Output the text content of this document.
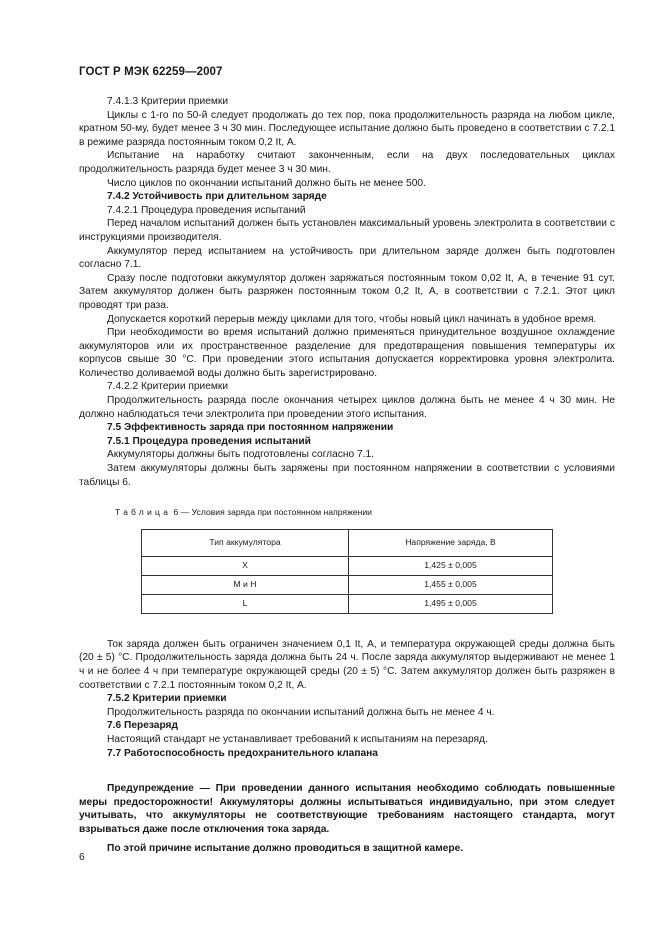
ГОСТ Р МЭК 62259—2007

7.4.1.3 Критерии приемки

Циклы с 1-го по 50-й следует продолжать до тех пор, пока продолжительность разряда на любом цикле, кратном 50-му, будет менее 3 ч 30 мин. Последующее испытание должно быть проведено в соответствии с 7.2.1 в режиме разряда постоянным током 0,2 It, А.

Испытание на наработку считают законченным, если на двух последовательных циклах продолжительность разряда будет менее 3 ч 30 мин.

Число циклов по окончании испытаний должно быть не менее 500.

7.4.2 Устойчивость при длительном заряде

7.4.2.1 Процедура проведения испытаний

Перед началом испытаний должен быть установлен максимальный уровень электролита в соответствии с инструкциями производителя.

Аккумулятор перед испытанием на устойчивость при длительном заряде должен быть подготовлен согласно 7.1.

Сразу после подготовки аккумулятор должен заряжаться постоянным током 0,02 It, А, в течение 91 сут. Затем аккумулятор должен быть разряжен постоянным током 0,2 It, А, в соответствии с 7.2.1. Этот цикл проводят три раза.

Допускается короткий перерыв между циклами для того, чтобы новый цикл начинать в удобное время.

При необходимости во время испытаний должно применяться принудительное воздушное охлаждение аккумуляторов или их пространственное разделение для предотвращения повышения температуры их корпусов свыше 30 °С. При проведении этого испытания допускается корректировка уровня электролита. Количество доливаемой воды должно быть зарегистрировано.

7.4.2.2 Критерии приемки

Продолжительность разряда после окончания четырех циклов должна быть не менее 4 ч 30 мин. Не должно наблюдаться течи электролита при проведении этого испытания.

7.5 Эффективность заряда при постоянном напряжении

7.5.1 Процедура проведения испытаний

Аккумуляторы должны быть подготовлены согласно 7.1.

Затем аккумуляторы должны быть заряжены при постоянном напряжении в соответствии с условиями таблицы 6.

Таблица 6 — Условия заряда при постоянном напряжении

Тип аккумулятора	Напряжение заряда, В
X	1,425 ± 0,005
М и Н	1,455 ± 0,005
L	1,495 ± 0,005

Ток заряда должен быть ограничен значением 0,1 It, А, и температура окружающей среды должна быть (20 ± 5) °С. Продолжительность заряда должна быть 24 ч. После заряда аккумулятор выдерживают не менее 1 ч и не более 4 ч при температуре окружающей среды (20 ± 5) °С. Затем аккумулятор должен быть разряжен в соответствии с 7.2.1 постоянным током 0,2 It, А.

7.5.2 Критерии приемки

Продолжительность разряда по окончании испытаний должна быть не менее 4 ч.

7.6 Перезаряд

Настоящий стандарт не устанавливает требований к испытаниям на перезаряд.

7.7 Работоспособность предохранительного клапана

Предупреждение — При проведении данного испытания необходимо соблюдать повышенные меры предосторожности! Аккумуляторы должны испытываться индивидуально, при этом следует учитывать, что аккумуляторы не соответствующие требованиям настоящего стандарта, могут взрываться даже после отключения тока заряда.

По этой причине испытание должно проводиться в защитной камере.

6
